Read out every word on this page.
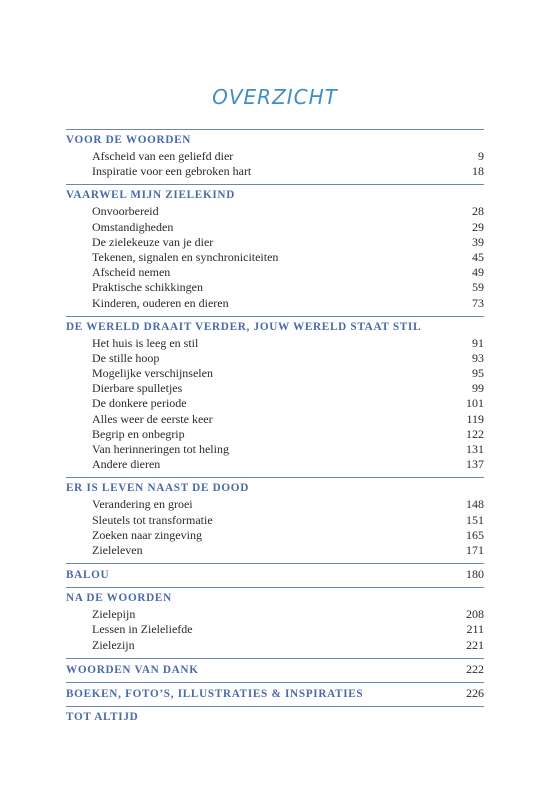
OVERZICHT
VOOR DE WOORDEN
Afscheid van een geliefd dier	9
Inspiratie voor een gebroken hart	18
VAARWEL MIJN ZIELEKIND
Onvoorbereid	28
Omstandigheden	29
De zielekeuze van je dier	39
Tekenen, signalen en synchroniciteiten	45
Afscheid nemen	49
Praktische schikkingen	59
Kinderen, ouderen en dieren	73
DE WERELD DRAAIT VERDER, JOUW WERELD STAAT STIL
Het huis is leeg en stil	91
De stille hoop	93
Mogelijke verschijnselen	95
Dierbare spulletjes	99
De donkere periode	101
Alles weer de eerste keer	119
Begrip en onbegrip	122
Van herinneringen tot heling	131
Andere dieren	137
ER IS LEVEN NAAST DE DOOD
Verandering en groei	148
Sleutels tot transformatie	151
Zoeken naar zingeving	165
Zieleleven	171
BALOU	180
NA DE WOORDEN
Zielepijn	208
Lessen in Zieleliefde	211
Zielezijn	221
WOORDEN VAN DANK	222
BOEKEN, FOTO’S, ILLUSTRATIES & INSPIRATIES	226
TOT ALTIJD
